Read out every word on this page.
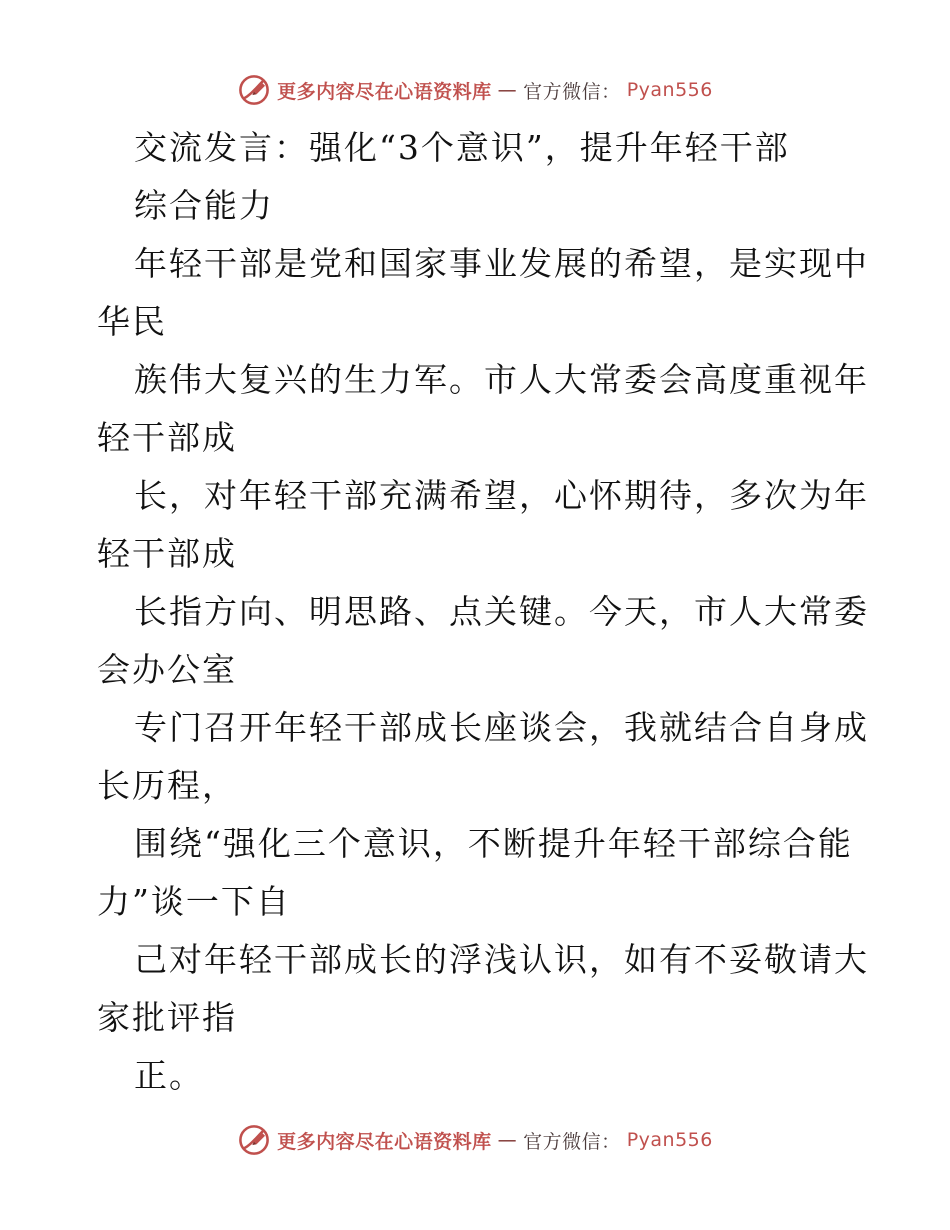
更多内容尽在心语资料库 — 官方微信： Pyan556
交流发言：强化“3个意识”，提升年轻干部
综合能力
年轻干部是党和国家事业发展的希望，是实现中
华民
族伟大复兴的生力军。市人大常委会高度重视年
轻干部成
长，对年轻干部充满希望，心怀期待，多次为年
轻干部成
长指方向、明思路、点关键。今天，市人大常委
会办公室
专门召开年轻干部成长座谈会，我就结合自身成
长历程，
围绕“强化三个意识，不断提升年轻干部综合能
力”谈一下自
己对年轻干部成长的浮浅认识，如有不妥敬请大
家批评指
正。
更多内容尽在心语资料库 — 官方微信： Pyan556
